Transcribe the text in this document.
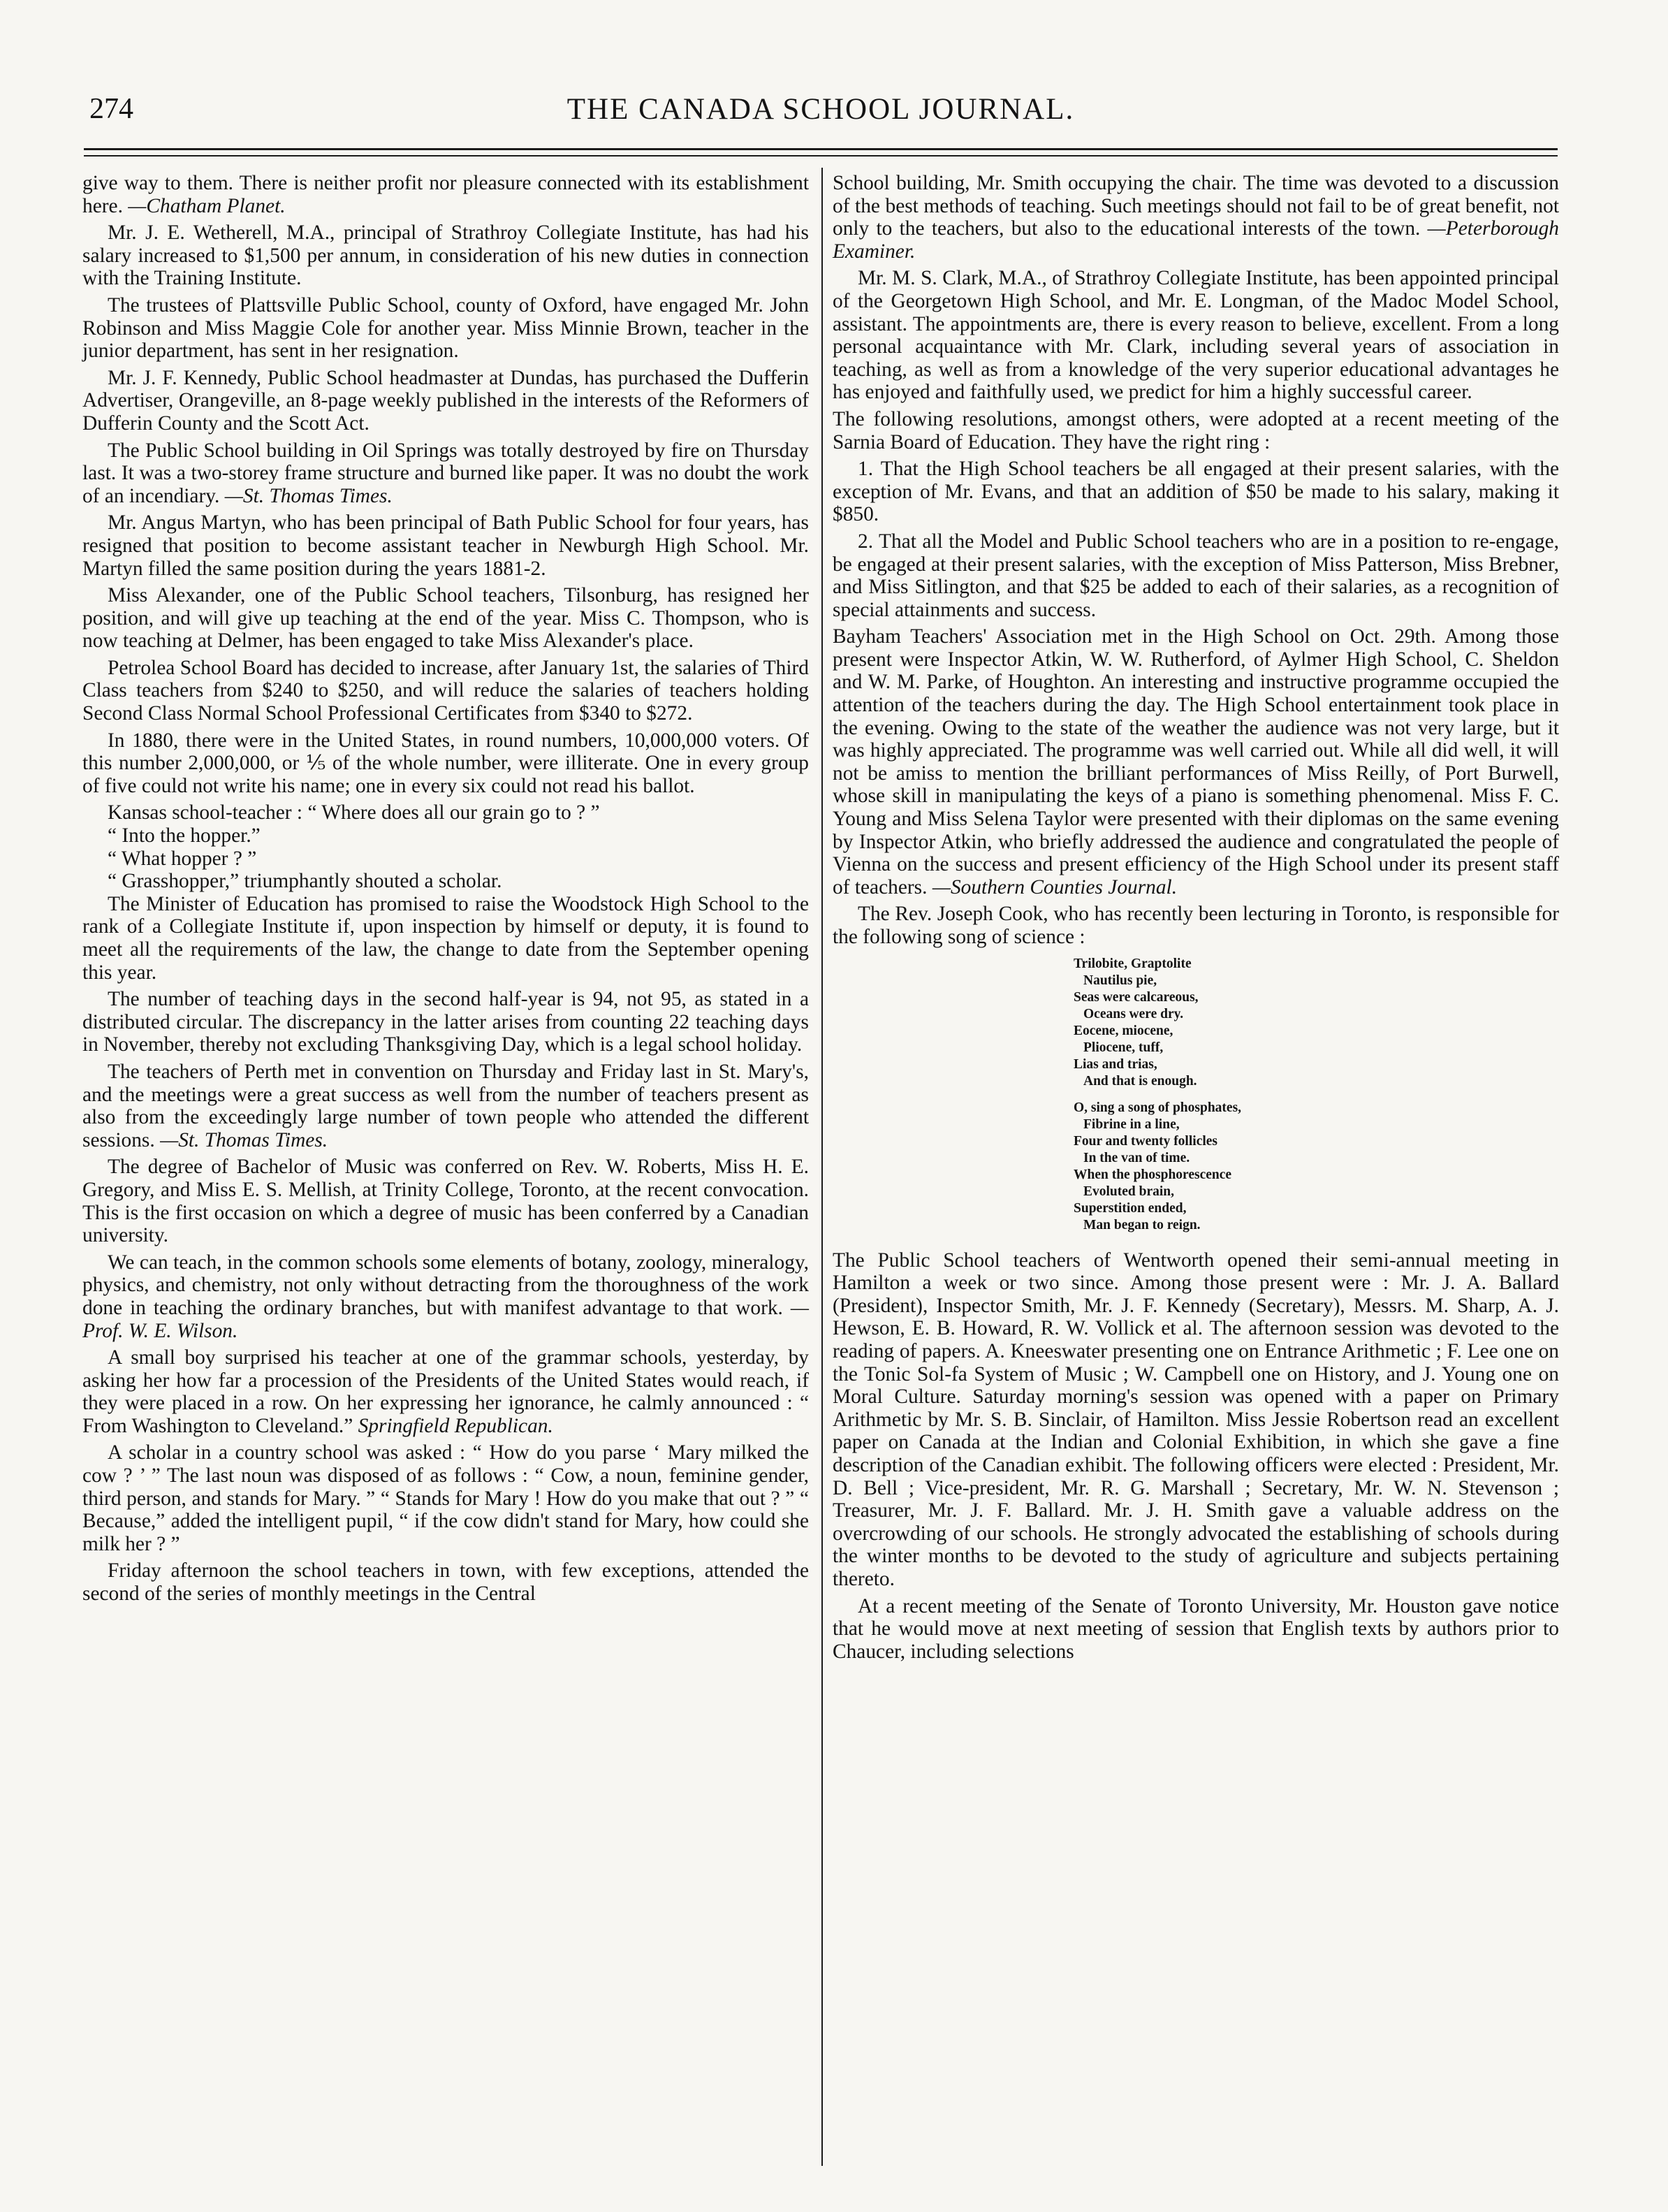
274	THE CANADA SCHOOL JOURNAL.

give way to them. There is neither profit nor pleasure connected with its establishment here. —Chatham Planet.

Mr. J. E. Wetherell, M.A., principal of Strathroy Collegiate Institute, has had his salary increased to $1,500 per annum, in consideration of his new duties in connection with the Training Institute.

The trustees of Plattsville Public School, county of Oxford, have engaged Mr. John Robinson and Miss Maggie Cole for another year. Miss Minnie Brown, teacher in the junior department, has sent in her resignation.

Mr. J. F. Kennedy, Public School headmaster at Dundas, has purchased the Dufferin Advertiser, Orangeville, an 8-page weekly published in the interests of the Reformers of Dufferin County and the Scott Act.

The Public School building in Oil Springs was totally destroyed by fire on Thursday last. It was a two-storey frame structure and burned like paper. It was no doubt the work of an incendiary. —St. Thomas Times.

Mr. Angus Martyn, who has been principal of Bath Public School for four years, has resigned that position to become assistant teacher in Newburgh High School. Mr. Martyn filled the same position during the years 1881-2.

Miss Alexander, one of the Public School teachers, Tilsonburg, has resigned her position, and will give up teaching at the end of the year. Miss C. Thompson, who is now teaching at Delmer, has been engaged to take Miss Alexander's place.

Petrolea School Board has decided to increase, after January 1st, the salaries of Third Class teachers from $240 to $250, and will reduce the salaries of teachers holding Second Class Normal School Professional Certificates from $340 to $272.

In 1880, there were in the United States, in round numbers, 10,000,000 voters. Of this number 2,000,000, or ⅕ of the whole number, were illiterate. One in every group of five could not write his name; one in every six could not read his ballot.

Kansas school-teacher : “ Where does all our grain go to ? ”

“ Into the hopper.”

“ What hopper ? ”

“ Grasshopper,” triumphantly shouted a scholar.

The Minister of Education has promised to raise the Woodstock High School to the rank of a Collegiate Institute if, upon inspection by himself or deputy, it is found to meet all the requirements of the law, the change to date from the September opening this year.

The number of teaching days in the second half-year is 94, not 95, as stated in a distributed circular. The discrepancy in the latter arises from counting 22 teaching days in November, thereby not excluding Thanksgiving Day, which is a legal school holiday.

The teachers of Perth met in convention on Thursday and Friday last in St. Mary's, and the meetings were a great success as well from the number of teachers present as also from the exceedingly large number of town people who attended the different sessions. —St. Thomas Times.

The degree of Bachelor of Music was conferred on Rev. W. Roberts, Miss H. E. Gregory, and Miss E. S. Mellish, at Trinity College, Toronto, at the recent convocation. This is the first occasion on which a degree of music has been conferred by a Canadian university.

We can teach, in the common schools some elements of botany, zoology, mineralogy, physics, and chemistry, not only without detracting from the thoroughness of the work done in teaching the ordinary branches, but with manifest advantage to that work. —Prof. W. E. Wilson.

A small boy surprised his teacher at one of the grammar schools, yesterday, by asking her how far a procession of the Presidents of the United States would reach, if they were placed in a row. On her expressing her ignorance, he calmly announced : “ From Washington to Cleveland.” Springfield Republican.

A scholar in a country school was asked : “ How do you parse ‘ Mary milked the cow ? ’ ” The last noun was disposed of as follows : “ Cow, a noun, feminine gender, third person, and stands for Mary. ” “ Stands for Mary ! How do you make that out ? ” “ Because,” added the intelligent pupil, “ if the cow didn't stand for Mary, how could she milk her ? ”

Friday afternoon the school teachers in town, with few exceptions, attended the second of the series of monthly meetings in the Central

School building, Mr. Smith occupying the chair. The time was devoted to a discussion of the best methods of teaching. Such meetings should not fail to be of great benefit, not only to the teachers, but also to the educational interests of the town. —Peterborough Examiner.

Mr. M. S. Clark, M.A., of Strathroy Collegiate Institute, has been appointed principal of the Georgetown High School, and Mr. E. Longman, of the Madoc Model School, assistant. The appointments are, there is every reason to believe, excellent. From a long personal acquaintance with Mr. Clark, including several years of association in teaching, as well as from a knowledge of the very superior educational advantages he has enjoyed and faithfully used, we predict for him a highly successful career.

The following resolutions, amongst others, were adopted at a recent meeting of the Sarnia Board of Education. They have the right ring :

1. That the High School teachers be all engaged at their present salaries, with the exception of Mr. Evans, and that an addition of $50 be made to his salary, making it $850.

2. That all the Model and Public School teachers who are in a position to re-engage, be engaged at their present salaries, with the exception of Miss Patterson, Miss Brebner, and Miss Sitlington, and that $25 be added to each of their salaries, as a recognition of special attainments and success.

Bayham Teachers' Association met in the High School on Oct. 29th. Among those present were Inspector Atkin, W. W. Rutherford, of Aylmer High School, C. Sheldon and W. M. Parke, of Houghton. An interesting and instructive programme occupied the attention of the teachers during the day. The High School entertainment took place in the evening. Owing to the state of the weather the audience was not very large, but it was highly appreciated. The programme was well carried out. While all did well, it will not be amiss to mention the brilliant performances of Miss Reilly, of Port Burwell, whose skill in manipulating the keys of a piano is something phenomenal. Miss F. C. Young and Miss Selena Taylor were presented with their diplomas on the same evening by Inspector Atkin, who briefly addressed the audience and congratulated the people of Vienna on the success and present efficiency of the High School under its present staff of teachers. —Southern Counties Journal.

The Rev. Joseph Cook, who has recently been lecturing in Toronto, is responsible for the following song of science :

Trilobite, Graptolite
Nautilus pie,
Seas were calcareous,
Oceans were dry.
Eocene, miocene,
Pliocene, tuff,
Lias and trias,
And that is enough.
O, sing a song of phosphates,
Fibrine in a line,
Four and twenty follicles
In the van of time.
When the phosphorescence
Evoluted brain,
Superstition ended,
Man began to reign.

The Public School teachers of Wentworth opened their semi-annual meeting in Hamilton a week or two since. Among those present were : Mr. J. A. Ballard (President), Inspector Smith, Mr. J. F. Kennedy (Secretary), Messrs. M. Sharp, A. J. Hewson, E. B. Howard, R. W. Vollick et al. The afternoon session was devoted to the reading of papers. A. Kneeswater presenting one on Entrance Arithmetic ; F. Lee one on the Tonic Sol-fa System of Music ; W. Campbell one on History, and J. Young one on Moral Culture. Saturday morning's session was opened with a paper on Primary Arithmetic by Mr. S. B. Sinclair, of Hamilton. Miss Jessie Robertson read an excellent paper on Canada at the Indian and Colonial Exhibition, in which she gave a fine description of the Canadian exhibit. The following officers were elected : President, Mr. D. Bell ; Vice-president, Mr. R. G. Marshall ; Secretary, Mr. W. N. Stevenson ; Treasurer, Mr. J. F. Ballard. Mr. J. H. Smith gave a valuable address on the overcrowding of our schools. He strongly advocated the establishing of schools during the winter months to be devoted to the study of agriculture and subjects pertaining thereto.

At a recent meeting of the Senate of Toronto University, Mr. Houston gave notice that he would move at next meeting of session that English texts by authors prior to Chaucer, including selections
